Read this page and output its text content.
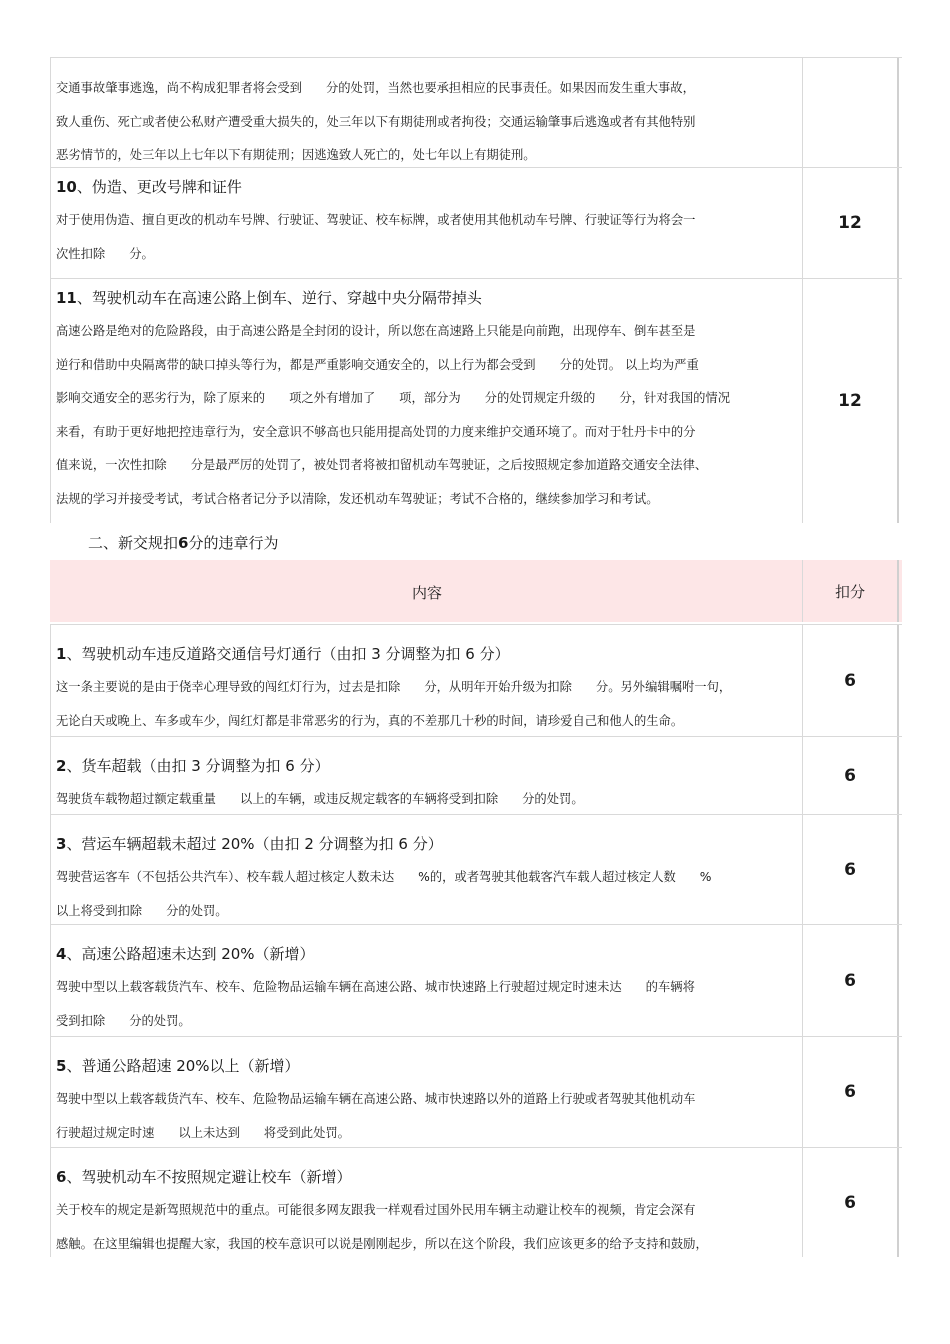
交通事故肇事逃逸，尚不构成犯罪者将会受到 分的处罚，当然也要承担相应的民事责任。如果因而发生重大事故，
致人重伤、死亡或者使公私财产遭受重大损失的，处三年以下有期徒刑或者拘役；交通运输肇事后逃逸或者有其他特别
恶劣情节的，处三年以上七年以下有期徒刑；因逃逸致人死亡的，处七年以上有期徒刑。
10、伪造、更改号牌和证件
对于使用伪造、擅自更改的机动车号牌、行驶证、驾驶证、校车标牌，或者使用其他机动车号牌、行驶证等行为将会一
次性扣除 分。
12
11、驾驶机动车在高速公路上倒车、逆行、穿越中央分隔带掉头
高速公路是绝对的危险路段，由于高速公路是全封闭的设计，所以您在高速路上只能是向前跑，出现停车、倒车甚至是
逆行和借助中央隔离带的缺口掉头等行为，都是严重影响交通安全的，以上行为都会受到 分的处罚。 以上均为严重
影响交通安全的恶劣行为，除了原来的 项之外有增加了 项，部分为 分的处罚规定升级的 分，针对我国的情况
来看，有助于更好地把控违章行为，安全意识不够高也只能用提高处罚的力度来维护交通环境了。而对于牡丹卡中的分
值来说，一次性扣除 分是最严厉的处罚了，被处罚者将被扣留机动车驾驶证，之后按照规定参加道路交通安全法律、
法规的学习并接受考试，考试合格者记分予以清除，发还机动车驾驶证；考试不合格的，继续参加学习和考试。
12
二、新交规扣6分的违章行为
内容	扣分
1、驾驶机动车违反道路交通信号灯通行（由扣 3 分调整为扣 6 分）
这一条主要说的是由于侥幸心理导致的闯红灯行为，过去是扣除 分，从明年开始升级为扣除 分。另外编辑嘱咐一句，
无论白天或晚上、车多或车少，闯红灯都是非常恶劣的行为，真的不差那几十秒的时间，请珍爱自己和他人的生命。
6
2、货车超载（由扣 3 分调整为扣 6 分）
驾驶货车载物超过额定载重量 以上的车辆，或违反规定载客的车辆将受到扣除 分的处罚。
6
3、营运车辆超载未超过 20%（由扣 2 分调整为扣 6 分）
驾驶营运客车（不包括公共汽车）、校车载人超过核定人数未达 %的，或者驾驶其他载客汽车载人超过核定人数 %
以上将受到扣除 分的处罚。
6
4、高速公路超速未达到 20%（新增）
驾驶中型以上载客载货汽车、校车、危险物品运输车辆在高速公路、城市快速路上行驶超过规定时速未达 的车辆将
受到扣除 分的处罚。
6
5、普通公路超速 20%以上（新增）
驾驶中型以上载客载货汽车、校车、危险物品运输车辆在高速公路、城市快速路以外的道路上行驶或者驾驶其他机动车
行驶超过规定时速 以上未达到 将受到此处罚。
6
6、驾驶机动车不按照规定避让校车（新增）
关于校车的规定是新驾照规范中的重点。可能很多网友跟我一样观看过国外民用车辆主动避让校车的视频，肯定会深有
感触。在这里编辑也提醒大家，我国的校车意识可以说是刚刚起步，所以在这个阶段，我们应该更多的给予支持和鼓励，
6
